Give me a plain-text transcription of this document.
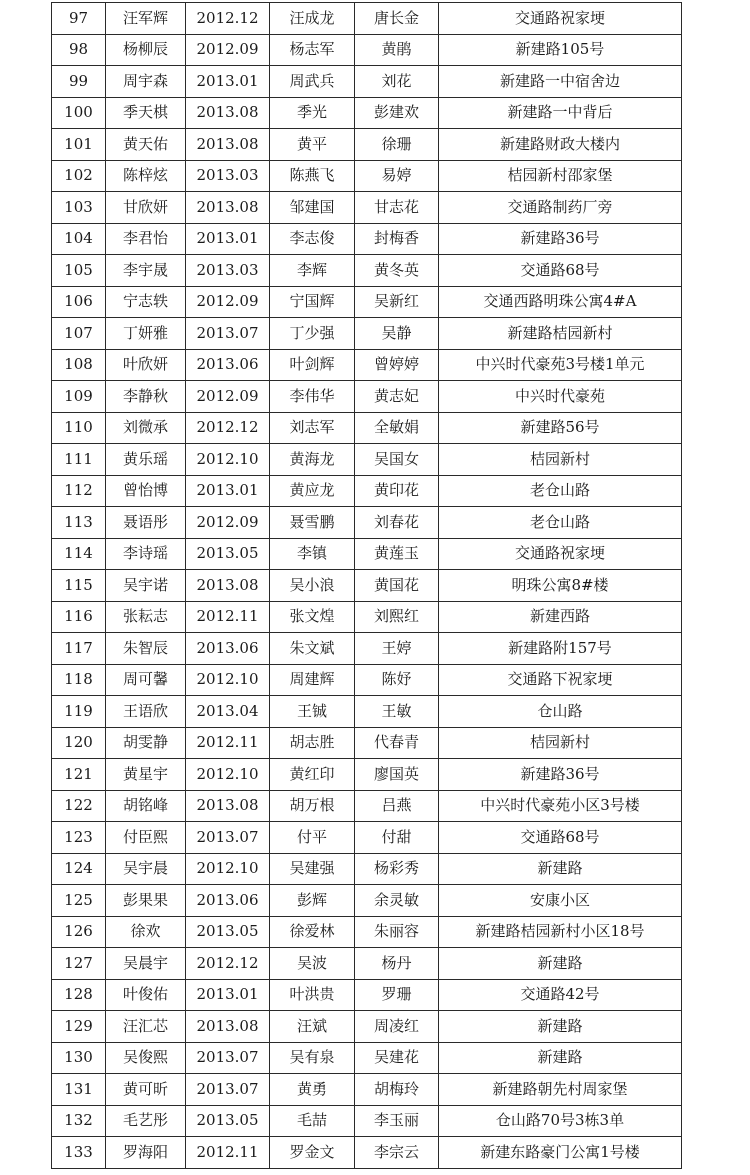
97	汪军辉	2012.12	汪成龙	唐长金	交通路祝家埂
98	杨柳辰	2012.09	杨志军	黄鹃	新建路105号
99	周宇森	2013.01	周武兵	刘花	新建路一中宿舍边
100	季天棋	2013.08	季光	彭建欢	新建路一中背后
101	黄天佑	2013.08	黄平	徐珊	新建路财政大楼内
102	陈梓炫	2013.03	陈燕飞	易婷	桔园新村邵家堡
103	甘欣妍	2013.08	邹建国	甘志花	交通路制药厂旁
104	李君怡	2013.01	李志俊	封梅香	新建路36号
105	李宇晟	2013.03	李辉	黄冬英	交通路68号
106	宁志轶	2012.09	宁国辉	吴新红	交通西路明珠公寓4#A
107	丁妍雅	2013.07	丁少强	吴静	新建路桔园新村
108	叶欣妍	2013.06	叶剑辉	曾婷婷	中兴时代豪苑3号楼1单元
109	李静秋	2012.09	李伟华	黄志妃	中兴时代豪苑
110	刘微承	2012.12	刘志军	全敏娟	新建路56号
111	黄乐瑶	2012.10	黄海龙	吴国女	桔园新村
112	曾怡博	2013.01	黄应龙	黄印花	老仓山路
113	聂语彤	2012.09	聂雪鹏	刘春花	老仓山路
114	李诗瑶	2013.05	李镇	黄莲玉	交通路祝家埂
115	吴宇诺	2013.08	吴小浪	黄国花	明珠公寓8#楼
116	张耘志	2012.11	张文煌	刘熙红	新建西路
117	朱智辰	2013.06	朱文斌	王婷	新建路附157号
118	周可馨	2012.10	周建辉	陈妤	交通路下祝家埂
119	王语欣	2013.04	王铖	王敏	仓山路
120	胡雯静	2012.11	胡志胜	代春青	桔园新村
121	黄星宇	2012.10	黄红印	廖国英	新建路36号
122	胡铭峰	2013.08	胡万根	吕燕	中兴时代豪苑小区3号楼
123	付臣熙	2013.07	付平	付甜	交通路68号
124	吴宇晨	2012.10	吴建强	杨彩秀	新建路
125	彭果果	2013.06	彭辉	余灵敏	安康小区
126	徐欢	2013.05	徐爱林	朱丽容	新建路桔园新村小区18号
127	吴晨宇	2012.12	吴波	杨丹	新建路
128	叶俊佑	2013.01	叶洪贵	罗珊	交通路42号
129	汪汇芯	2013.08	汪斌	周凌红	新建路
130	吴俊熙	2013.07	吴有泉	吴建花	新建路
131	黄可昕	2013.07	黄勇	胡梅玲	新建路朝先村周家堡
132	毛艺彤	2013.05	毛喆	李玉丽	仓山路70号3栋3单
133	罗海阳	2012.11	罗金文	李宗云	新建东路豪门公寓1号楼
